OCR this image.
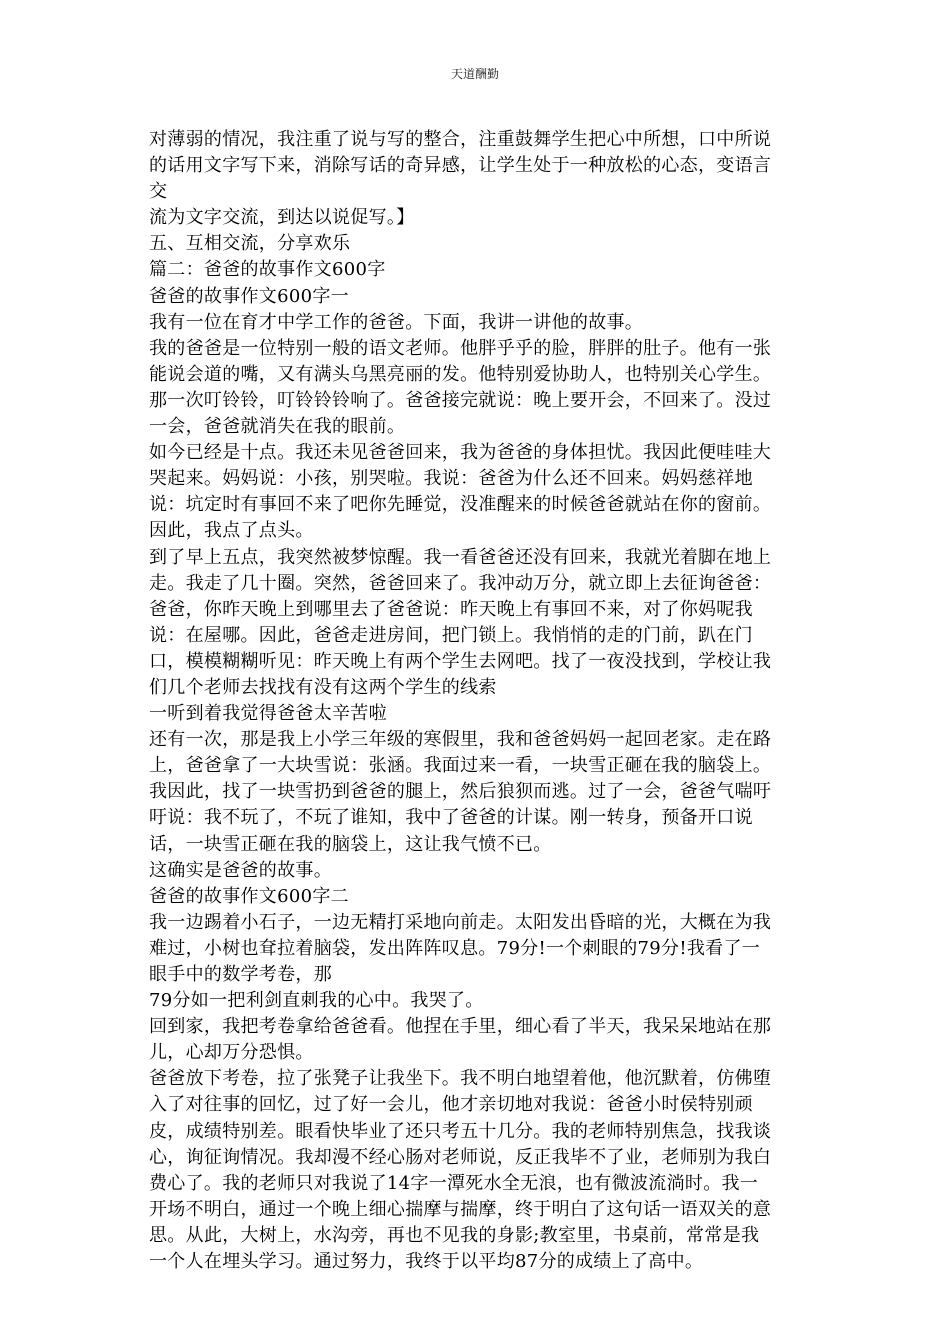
天道酬勤
对薄弱的情况，我注重了说与写的整合，注重鼓舞学生把心中所想，口中所说
的话用文字写下来，消除写话的奇异感，让学生处于一种放松的心态，变语言
交
流为文字交流，到达以说促写。】
五、互相交流，分享欢乐
篇二：爸爸的故事作文600字
爸爸的故事作文600字一
我有一位在育才中学工作的爸爸。下面，我讲一讲他的故事。
我的爸爸是一位特别一般的语文老师。他胖乎乎的脸，胖胖的肚子。他有一张
能说会道的嘴，又有满头乌黑亮丽的发。他特别爱协助人，也特别关心学生。
那一次叮铃铃，叮铃铃铃响了。爸爸接完就说：晚上要开会，不回来了。没过
一会，爸爸就消失在我的眼前。
如今已经是十点。我还未见爸爸回来，我为爸爸的身体担忧。我因此便哇哇大
哭起来。妈妈说：小孩，别哭啦。我说：爸爸为什么还不回来。妈妈慈祥地
说：坑定时有事回不来了吧你先睡觉，没准醒来的时候爸爸就站在你的窗前。
因此，我点了点头。
到了早上五点，我突然被梦惊醒。我一看爸爸还没有回来，我就光着脚在地上
走。我走了几十圈。突然，爸爸回来了。我冲动万分，就立即上去征询爸爸：
爸爸，你昨天晚上到哪里去了爸爸说：昨天晚上有事回不来，对了你妈呢我
说：在屋哪。因此，爸爸走进房间，把门锁上。我悄悄的走的门前，趴在门
口，模模糊糊听见：昨天晚上有两个学生去网吧。找了一夜没找到，学校让我
们几个老师去找找有没有这两个学生的线索
一听到着我觉得爸爸太辛苦啦
还有一次，那是我上小学三年级的寒假里，我和爸爸妈妈一起回老家。走在路
上，爸爸拿了一大块雪说：张涵。我面过来一看，一块雪正砸在我的脑袋上。
我因此，找了一块雪扔到爸爸的腿上，然后狼狈而逃。过了一会，爸爸气喘吁
吁说：我不玩了，不玩了谁知，我中了爸爸的计谋。刚一转身，预备开口说
话，一块雪正砸在我的脑袋上，这让我气愤不已。
这确实是爸爸的故事。
爸爸的故事作文600字二
我一边踢着小石子，一边无精打采地向前走。太阳发出昏暗的光，大概在为我
难过，小树也耷拉着脑袋，发出阵阵叹息。79分!一个刺眼的79分!我看了一
眼手中的数学考卷，那
79分如一把利剑直刺我的心中。我哭了。
回到家，我把考卷拿给爸爸看。他捏在手里，细心看了半天，我呆呆地站在那
儿，心却万分恐惧。
爸爸放下考卷，拉了张凳子让我坐下。我不明白地望着他，他沉默着，仿佛堕
入了对往事的回忆，过了好一会儿，他才亲切地对我说：爸爸小时侯特别顽
皮，成绩特别差。眼看快毕业了还只考五十几分。我的老师特别焦急，找我谈
心，询征询情况。我却漫不经心肠对老师说，反正我毕不了业，老师别为我白
费心了。我的老师只对我说了14字一潭死水全无浪，也有微波流淌时。我一
开场不明白，通过一个晚上细心揣摩与揣摩，终于明白了这句话一语双关的意
思。从此，大树上，水沟旁，再也不见我的身影;教室里，书桌前，常常是我
一个人在埋头学习。通过努力，我终于以平均87分的成绩上了高中。
